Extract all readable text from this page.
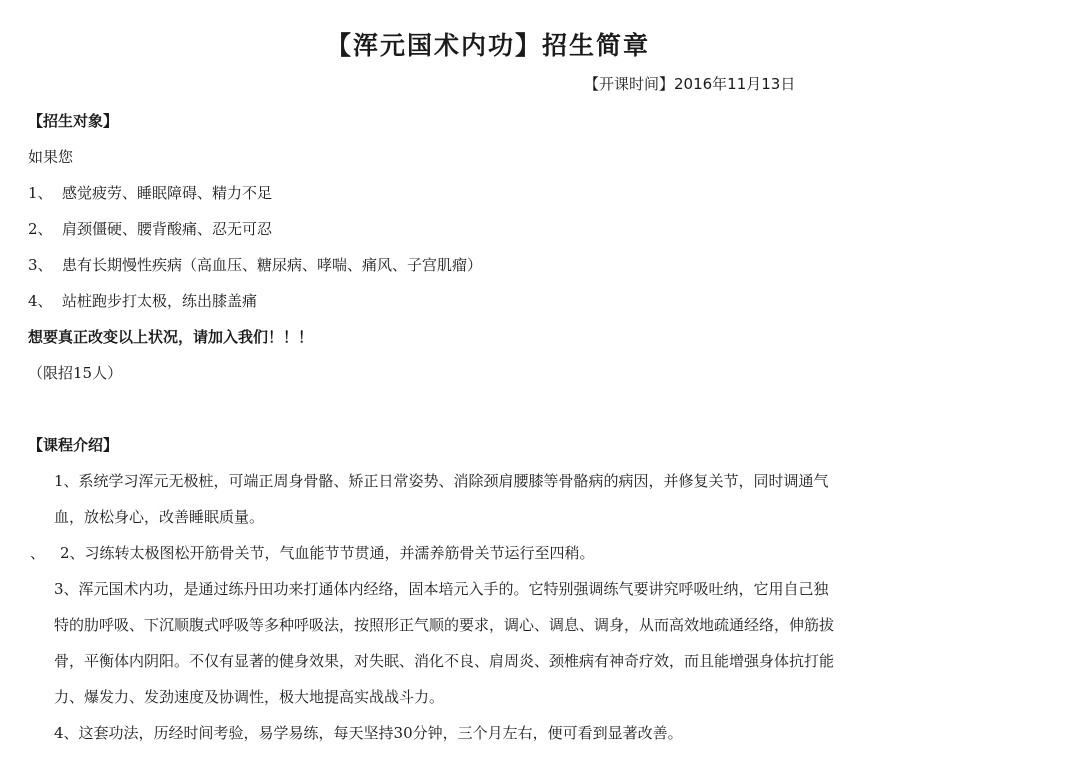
【浑元国术内功】招生简章
【开课时间】2016年11月13日
【招生对象】
如果您
1、 感觉疲劳、睡眠障碍、精力不足
2、 肩颈僵硬、腰背酸痛、忍无可忍
3、 患有长期慢性疾病（高血压、糖尿病、哮喘、痛风、子宫肌瘤）
4、 站桩跑步打太极，练出膝盖痛
想要真正改变以上状况，请加入我们！！！
（限招15人）
【课程介绍】
1、系统学习浑元无极桩，可端正周身骨骼、矫正日常姿势、消除颈肩腰膝等骨骼病的病因，并修复关节，同时调通气
血，放松身心，改善睡眠质量。
、 2、习练转太极图松开筋骨关节，气血能节节贯通，并濡养筋骨关节运行至四稍。
3、浑元国术内功，是通过练丹田功来打通体内经络，固本培元入手的。它特别强调练气要讲究呼吸吐纳，它用自己独
特的肋呼吸、下沉顺腹式呼吸等多种呼吸法，按照形正气顺的要求，调心、调息、调身，从而高效地疏通经络，伸筋拔
骨，平衡体内阴阳。不仅有显著的健身效果，对失眠、消化不良、肩周炎、颈椎病有神奇疗效，而且能增强身体抗打能
力、爆发力、发劲速度及协调性，极大地提高实战战斗力。
4、这套功法，历经时间考验，易学易练，每天坚持30分钟，三个月左右，便可看到显著改善。
